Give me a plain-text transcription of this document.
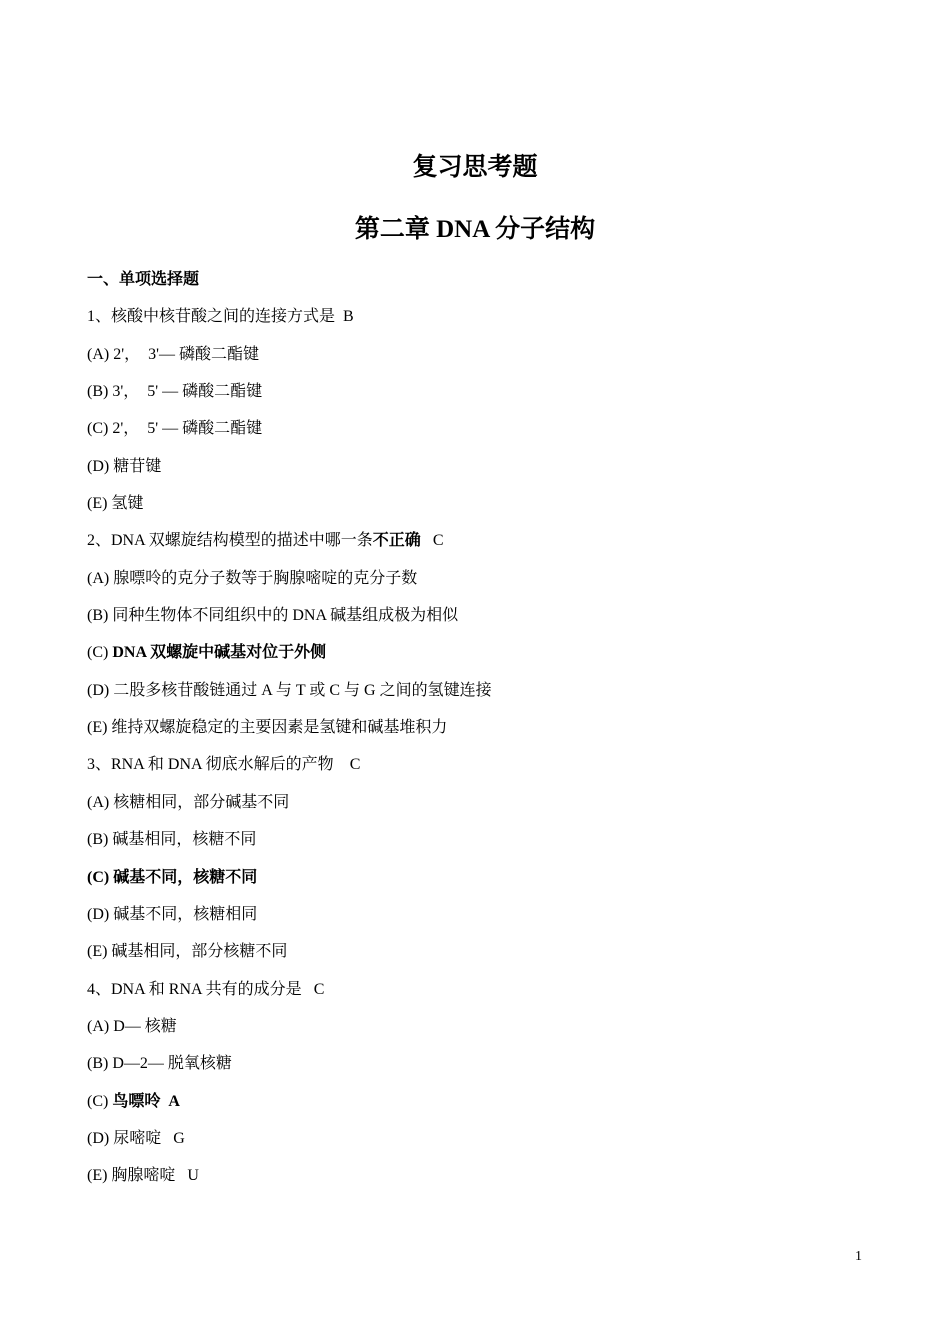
复习思考题
第二章 DNA 分子结构
一、单项选择题
1、核酸中核苷酸之间的连接方式是  B
(A) 2'，  3'— 磷酸二酯键
(B) 3'，  5' — 磷酸二酯键
(C) 2'，  5' — 磷酸二酯键
(D) 糖苷键
(E) 氢键
2、DNA 双螺旋结构模型的描述中哪一条不正确   C
(A) 腺嘌呤的克分子数等于胸腺嘧啶的克分子数
(B) 同种生物体不同组织中的 DNA 碱基组成极为相似
(C) DNA 双螺旋中碱基对位于外侧
(D) 二股多核苷酸链通过 A 与 T 或 C 与 G 之间的氢键连接
(E) 维持双螺旋稳定的主要因素是氢键和碱基堆积力
3、RNA 和 DNA 彻底水解后的产物    C
(A) 核糖相同，部分碱基不同
(B) 碱基相同，核糖不同
(C) 碱基不同，核糖不同
(D) 碱基不同，核糖相同
(E) 碱基相同，部分核糖不同
4、DNA 和 RNA 共有的成分是   C
(A) D— 核糖
(B) D—2— 脱氧核糖
(C) 鸟嘌呤  A
(D) 尿嘧啶   G
(E) 胸腺嘧啶   U
1
